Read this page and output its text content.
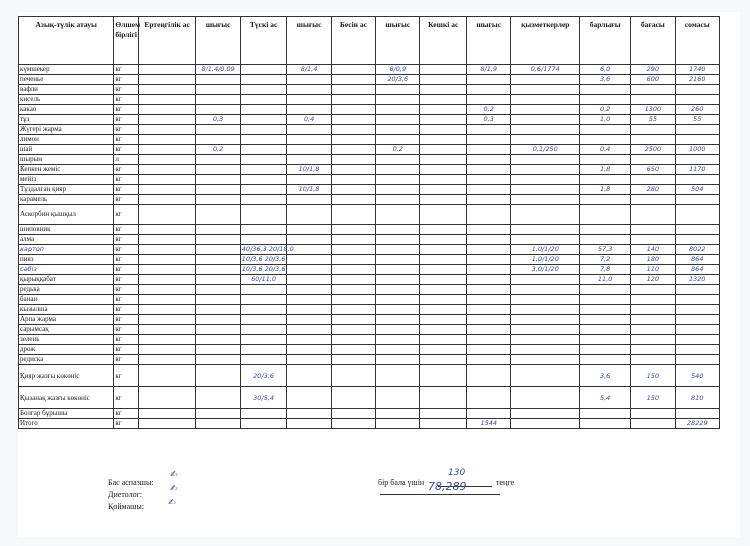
Азық-түлік атауы	Өлшем бірлігі	Ертеңгілік ас	шығыс	Түскі ас	шығыс	Бесін ас	шығыс	Кешкі ас	шығыс	қызметкерлер	барлығы	бағасы	сомасы
күмшекер	кг		8/1,4/0,09		8/1,4		8/0,9		8/1,9	0,6/1774	6,0	290	1740
печенье	кг						20/3,6				3,6	600	2160
вафли	кг												
кисель	кг												
какао	кг								0,2		0,2	1300	260
тұз	кг		0,3		0,4				0,3		1,0	55	55
Жүгері жарма	кг												
лимон	кг												
шай	кг		0,2				0,2			0,1/250	0,4	2500	1000
шырын	л												
Кепкен жеміс	кг				10/1,8						1,8	650	1170
мейіз	кг												
Тұздалған қияр	кг				10/1,8						1,8	280	504
карамель	кг												
Аскорбин қышқыл	кг												
шиповник	кг												
алма	кг												
картоп	кг			40/36,3 20/18,0						1,0/1/20	57,3	140	8022
пияз	кг			10/3,6 20/3,6						1,0/1/20	7,2	180	864
сәбіз	кг			10/3,6 20/3,6						3,0/1/20	7,8	110	864
қырыққабат	кг			60/11,0							11,0	120	1320
редька	кг												
банан	кг												
кызылша	кг												
Арпа жарма	кг												
сарымсақ	кг												
зелень	кг												
дрож	кг												
редиска	кг												
Қияр жазғы көкөніс	кг			20/3,6							3,6	150	540
Қызанақ жазғы көкөніс	кг			30/5,4							5,4	150	810
Болгар бұрышы	кг												
Итого	кг								1544				28229
Бас аспазшы:
✍
Диетолог:
✍
Қоймашы:	✍
бір бала үшін
130
теңге
78,289
